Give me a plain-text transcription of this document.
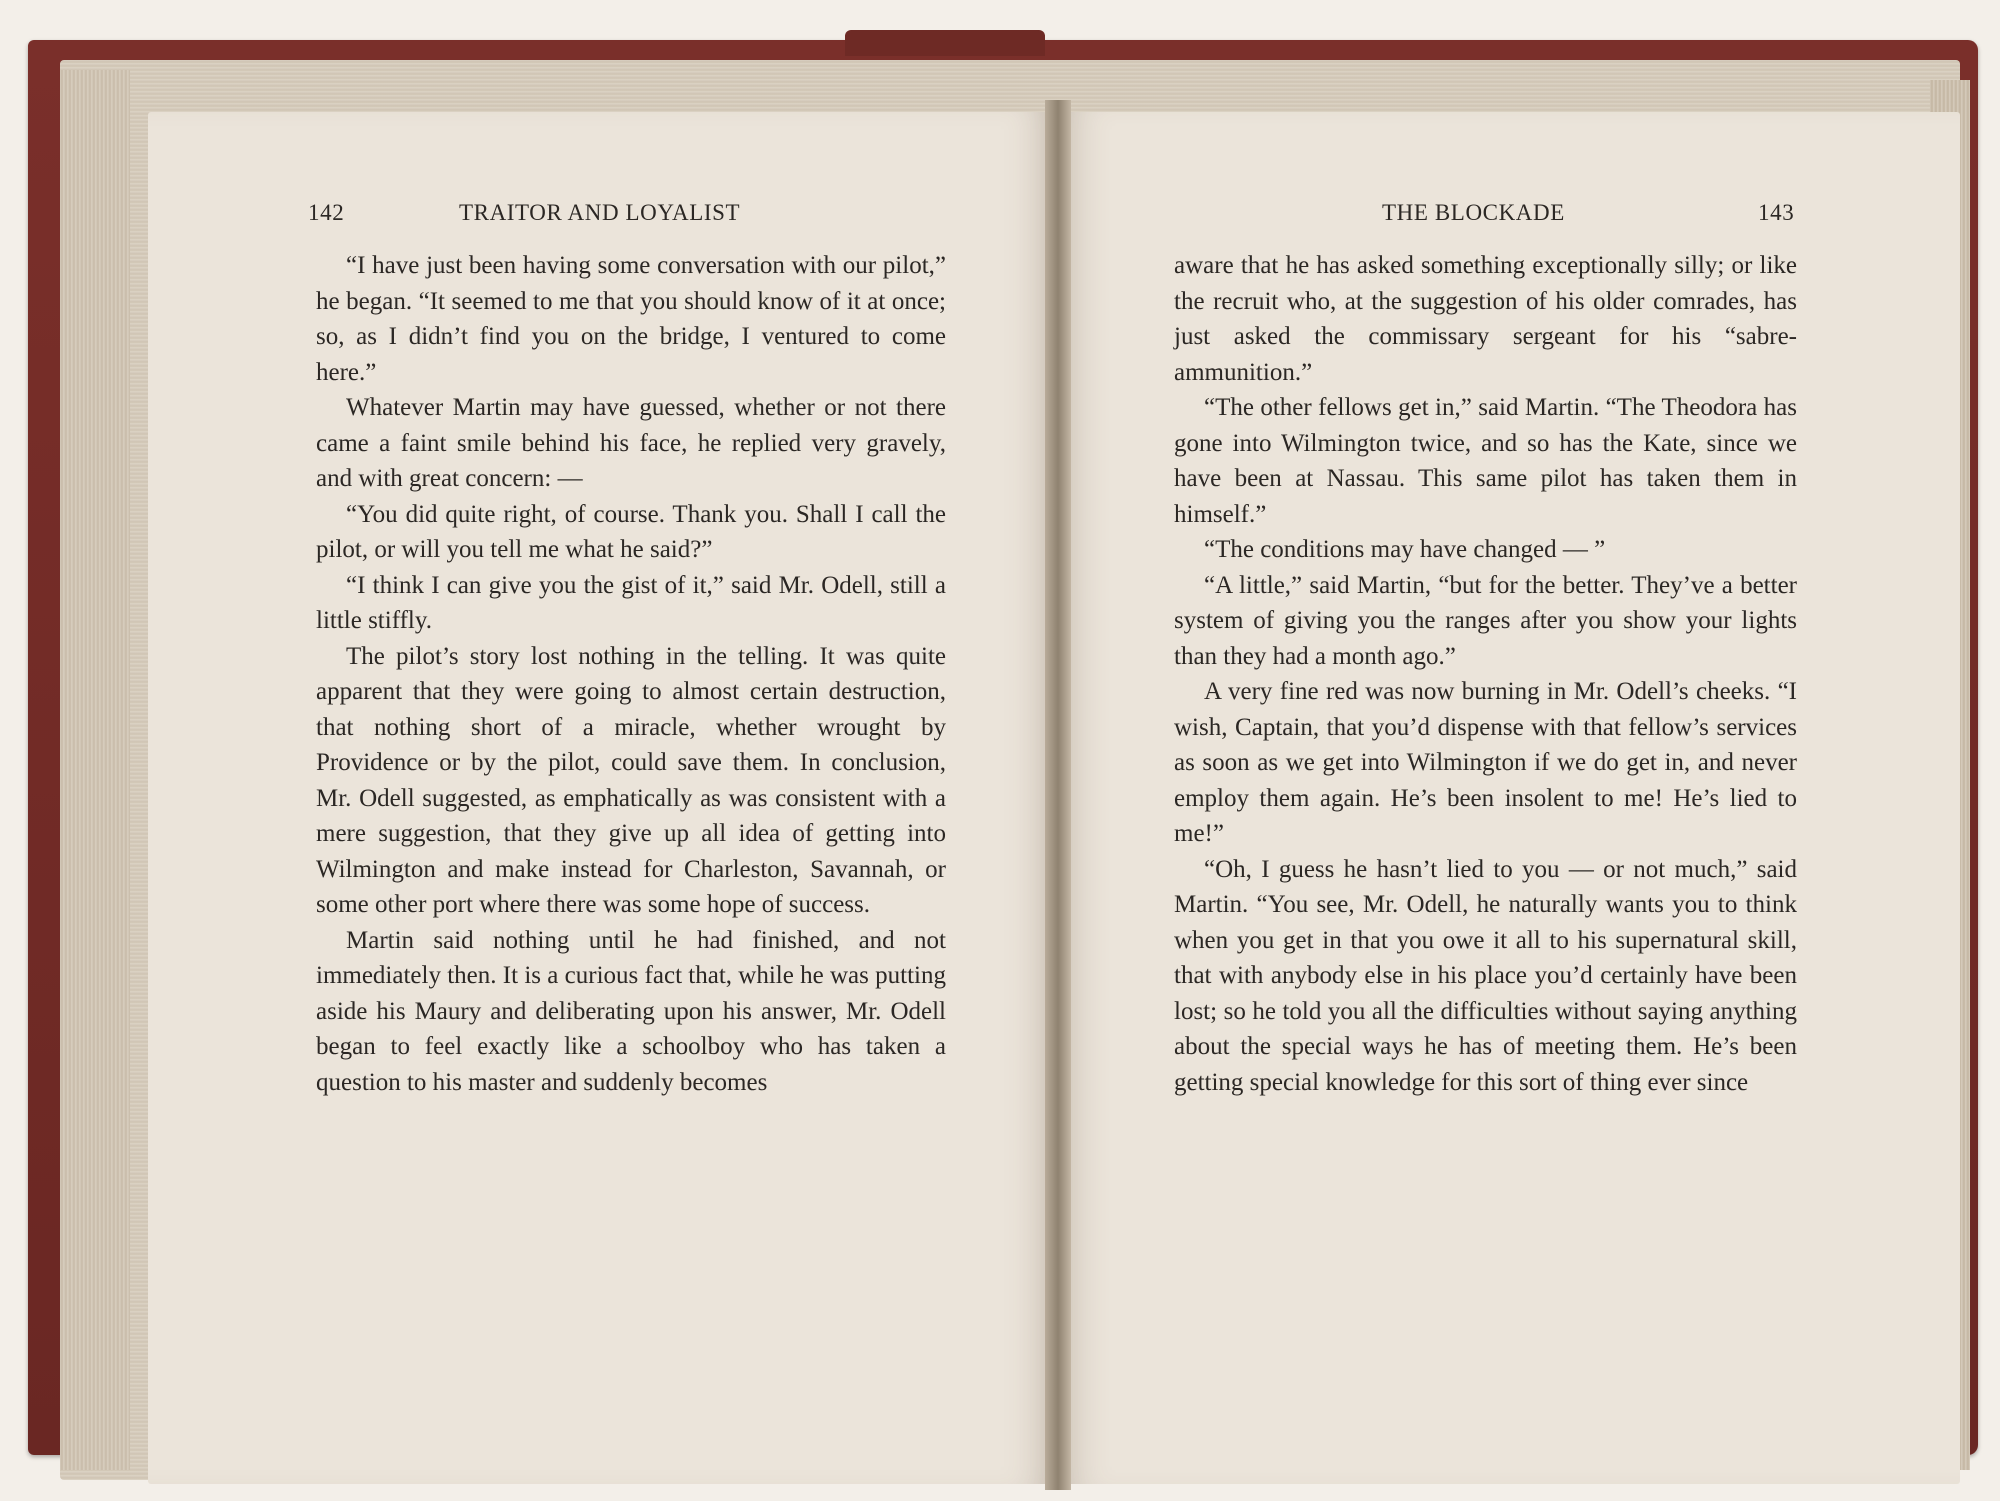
142	TRAITOR AND LOYALIST

“I have just been having some conversation with our pilot,” he began. “It seemed to me that you should know of it at once; so, as I didn’t find you on the bridge, I ventured to come here.”

Whatever Martin may have guessed, whether or not there came a faint smile behind his face, he replied very gravely, and with great concern: —

“You did quite right, of course. Thank you. Shall I call the pilot, or will you tell me what he said?”

“I think I can give you the gist of it,” said Mr. Odell, still a little stiffly.

The pilot’s story lost nothing in the telling. It was quite apparent that they were going to almost certain destruction, that nothing short of a miracle, whether wrought by Providence or by the pilot, could save them. In conclusion, Mr. Odell suggested, as emphatically as was consistent with a mere suggestion, that they give up all idea of getting into Wilmington and make instead for Charleston, Savannah, or some other port where there was some hope of success.

Martin said nothing until he had finished, and not immediately then. It is a curious fact that, while he was putting aside his Maury and deliberating upon his answer, Mr. Odell began to feel exactly like a schoolboy who has taken a question to his master and suddenly becomes

THE BLOCKADE	143

aware that he has asked something exceptionally silly; or like the recruit who, at the suggestion of his older comrades, has just asked the commissary sergeant for his “sabre-ammunition.”

“The other fellows get in,” said Martin. “The Theodora has gone into Wilmington twice, and so has the Kate, since we have been at Nassau. This same pilot has taken them in himself.”

“The conditions may have changed — ”

“A little,” said Martin, “but for the better. They’ve a better system of giving you the ranges after you show your lights than they had a month ago.”

A very fine red was now burning in Mr. Odell’s cheeks. “I wish, Captain, that you’d dispense with that fellow’s services as soon as we get into Wilmington if we do get in, and never employ them again. He’s been insolent to me! He’s lied to me!”

“Oh, I guess he hasn’t lied to you — or not much,” said Martin. “You see, Mr. Odell, he naturally wants you to think when you get in that you owe it all to his supernatural skill, that with anybody else in his place you’d certainly have been lost; so he told you all the difficulties without saying anything about the special ways he has of meeting them. He’s been getting special knowledge for this sort of thing ever since
